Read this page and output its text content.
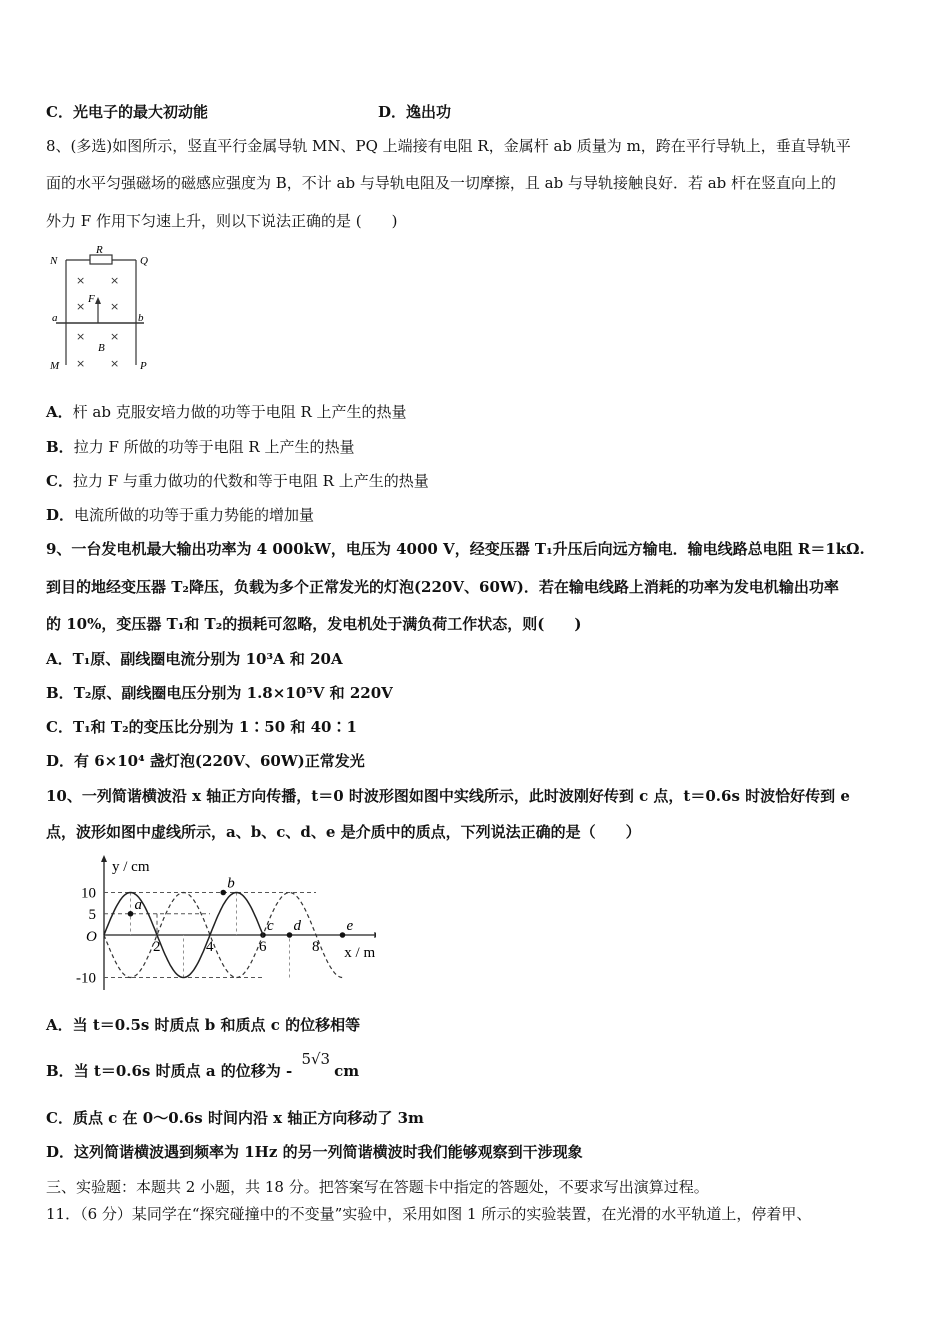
C．光电子的最大初动能	D．逸出功
8、(多选)如图所示，竖直平行金属导轨 MN、PQ 上端接有电阻 R，金属杆 ab 质量为 m，跨在平行导轨上，垂直导轨平
面的水平匀强磁场的磁感应强度为 B，不计 ab 与导轨电阻及一切摩擦，且 ab 与导轨接触良好．若 ab 杆在竖直向上的
外力 F 作用下匀速上升，则以下说法正确的是 (　　)
R
N	Q
a	b
F
B
M	P
× ×
× ×
× ×
× ×
A．杆 ab 克服安培力做的功等于电阻 R 上产生的热量
B．拉力 F 所做的功等于电阻 R 上产生的热量
C．拉力 F 与重力做功的代数和等于电阻 R 上产生的热量
D．电流所做的功等于重力势能的增加量
9、一台发电机最大输出功率为 4 000kW，电压为 4000 V，经变压器 T₁升压后向远方输电．输电线路总电阻 R＝1kΩ.
到目的地经变压器 T₂降压，负载为多个正常发光的灯泡(220V、60W)．若在输电线路上消耗的功率为发电机输出功率
的 10%，变压器 T₁和 T₂的损耗可忽略，发电机处于满负荷工作状态，则(　　)
A．T₁原、副线圈电流分别为 10³A 和 20A
B．T₂原、副线圈电压分别为 1.8×10⁵V 和 220V
C．T₁和 T₂的变压比分别为 1∶50 和 40∶1
D．有 6×10⁴ 盏灯泡(220V、60W)正常发光
10、一列简谐横波沿 x 轴正方向传播，t＝0 时波形图如图中实线所示，此时波刚好传到 c 点，t＝0.6s 时波恰好传到 e
点，波形如图中虚线所示，a、b、c、d、e 是介质中的质点，下列说法正确的是（　　）
a
b
c d	e
10
5
-10
2	4	6	8
O
y / cm
x / m
A．当 t＝0.5s 时质点 b 和质点 c 的位移相等
B．当 t＝0.6s 时质点 a 的位移为 - 5√3cm
C．质点 c 在 0～0.6s 时间内沿 x 轴正方向移动了 3m
D．这列简谐横波遇到频率为 1Hz 的另一列简谐横波时我们能够观察到干涉现象
三、实验题：本题共 2 小题，共 18 分。把答案写在答题卡中指定的答题处，不要求写出演算过程。
11．（6 分）某同学在“探究碰撞中的不变量”实验中，采用如图 1 所示的实验装置，在光滑的水平轨道上，停着甲、
